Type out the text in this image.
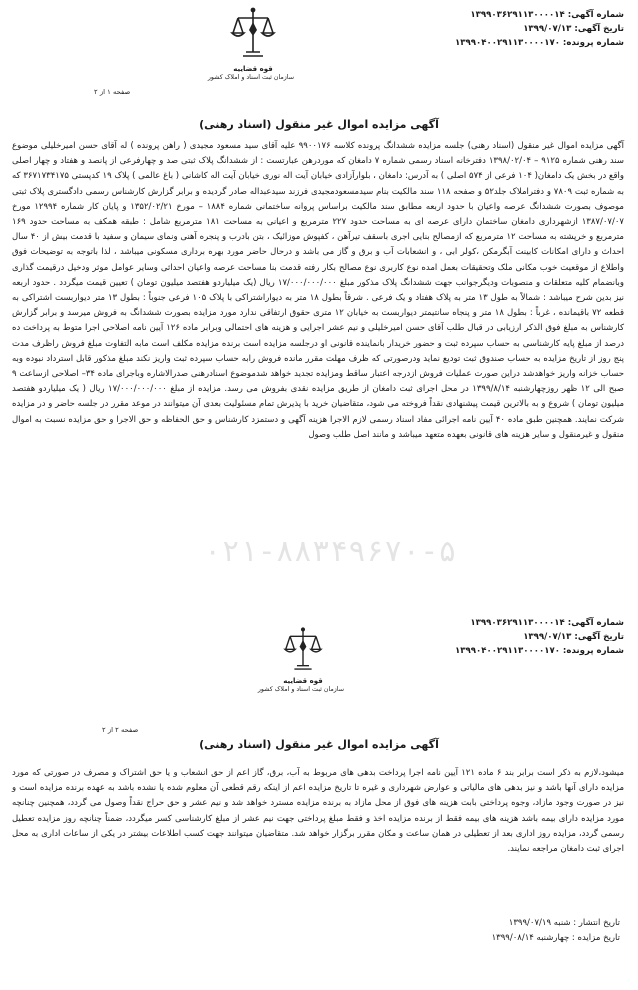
شماره آگهی: ۱۳۹۹۰۳۶۲۹۱۱۳۰۰۰۰۱۴
تاریخ آگهی: ۱۳۹۹/۰۷/۱۳
شماره پرونده: ۱۳۹۹۰۴۰۰۲۹۱۱۳۰۰۰۰۱۷۰
قوه قضاییه
سازمان ثبت اسناد و املاک کشور
صفحه ۱ از ۲
آگهی مزایده اموال غیر منقول (اسناد رهنی)

آگهی مزایده اموال غیر منقول (اسناد رهنی) جلسه مزایده ششدانگ پرونده کلاسه ۹۹۰۰۱۷۶ علیه آقای سید مسعود مجیدی ( راهن پرونده ) له آقای حسن امیرخلیلی موضوع سند رهنی شماره ۹۱۲۵ – ۱۳۹۸/۰۲/۰۴ دفترخانه اسناد رسمی شماره ۷ دامغان که موردرهن عبارتست : از ششدانگ پلاک ثبتی صد و چهارفرعی از پانصد و هفتاد و چهار اصلی واقع در بخش یک دامغان( ۱۰۴ فرعی از ۵۷۴ اصلی ) به آدرس: دامغان ، بلوارآزادی خیابان آیت اله نوری خیابان آیت اله کاشانی ( باغ عالمی ) پلاک ۱۹ کدپستی ۳۶۷۱۷۳۴۱۷۵ که به شماره ثبت ۷۸۰۹ و دفتراملاک جلد۵۲ و صفحه ۱۱۸ سند مالکیت بنام سیدمسعودمجیدی فرزند سیدعبداله صادر گردیده و برابر گزارش کارشناس رسمی دادگستری پلاک ثبتی موصوف بصورت ششدانگ عرصه واعیان با حدود اربعه مطابق سند مالکیت براساس پروانه ساختمانی شماره ۱۸۸۴ – مورخ ۱۳۵۲/۰۲/۲۱ و پایان کار شماره ۱۲۹۹۴ مورخ ۱۳۸۷/۰۷/۰۷ ازشهرداری دامغان ساختمان دارای عرصه ای به مساحت حدود ۲۲۷ مترمربع و اعیانی به مساحت ۱۸۱ مترمربع شامل : طبقه همکف به مساحت حدود ۱۶۹ مترمربع و خرپشته به مساحت ۱۲ مترمربع که ازمصالح بنایی اجری باسقف تیرآهن ، کفپوش موزائیک ، بتن بادرب و پنجره آهنی ونمای سیمان و سفید با قدمت بیش از ۴۰ سال احداث و دارای امکانات کابینت آبگرمکن ،کولر ابی ، و انشعابات آب و برق و گاز می باشد و درحال حاضر مورد بهره برداری مسکونی میباشد ، لذا باتوجه به توضیحات فوق واطلاع از موقعیت خوب مکانی ملک وتحقیقات بعمل امده نوع کاربری نوع مصالح بکار رفته قدمت بنا مساحت عرصه واعیان احداثی وسایر عوامل موثر ودخیل درقیمت گذاری وبانضمام کلیه متعلقات و منصوبات ودیگرجوانب جهت ششدانگ پلاک مذکور مبلغ ۱۷/۰۰۰/۰۰۰/۰۰۰ ریال (یک میلیاردو هفتصد میلیون تومان ) تعیین قیمت میگردد . حدود اربعه نیز بدین شرح میباشد : شمالاً به طول ۱۳ متر به پلاک هفتاد و یک فرعی . شرقاً بطول ۱۸ متر به دیواراشتراکی با پلاک ۱۰۵ فرعی جنوباً : بطول ۱۳ متر دیواربست اشتراکی به قطعه ۷۲ باقیمانده ، غرباً : بطول ۱۸ متر و پنجاه سانتیمتر دیواربست به خیابان ۱۲ متری حقوق ارتفاقی ندارد مورد مزایده بصورت ششدانگ به فروش میرسد و برابر گزارش کارشناس به مبلغ فوق الذکر ارزیابی در قبال طلب آقای حسن امیرخلیلی و نیم عشر اجرایی و هزینه های احتمالی وبرابر ماده ۱۲۶ آیین نامه اصلاحی اجرا متوط به پرداخت ده درصد از مبلغ پایه کارشناسی به حساب سپرده ثبت و حضور خریدار بانمایندە قانونی او درجلسه مزایده است برنده مزایده مکلف است مابه التفاوت مبلغ فروش راظرف مدت پنج روز از تاریخ مزایده به حساب صندوق ثبت توديع نمايد ودرصورتی که ظرف مهلت مقرر مانده فروش رابه حساب سپرده ثبت واریز نکند مبلغ مذکور قابل استرداد نبوده وبه حساب خزانه واریز خواهدشد دراین صورت عملیات فروش ازدرجه اعتبار ساقط ومزایده تجدید خواهد شدموضوع اسنادرهنی صدرالاشاره وباجرای ماده ۳۴– اصلاحی ازساعت ۹ صبح الی ۱۲ ظهر روزچهارشنبه ۱۳۹۹/۸/۱۴ در محل اجرای ثبت دامغان از طریق مزایده نقدی بفروش می رسد. مزایده از مبلغ ۱۷/۰۰۰/۰۰۰/۰۰۰ ریال ( یک میلیاردو هفتصد میلیون تومان ) شروع و به بالاترین قیمت پیشنهادی نقداً فروخته می شود، متقاضیان خرید با پذیرش تمام مسئولیت بعدی آن میتوانند در موعد مقرر در جلسه حاضر و در مزایده شرکت نمایند. همچنین طبق ماده ۴۰ آیین نامه اجرائی مفاد اسناد رسمی لازم الاجرا هزینه آگهی و دستمزد کارشناس و حق الحفاظه و حق الاجرا و حق مزایده نسبت به اموال منقول و غیرمنقول و سایر هزینه های قانونی بعهده متعهد میباشد و مانند اصل طلب وصول

۰۲۱-۸۸۳۴۹۶۷۰-۵
شماره آگهی: ۱۳۹۹۰۳۶۲۹۱۱۳۰۰۰۰۱۴
تاریخ آگهی: ۱۳۹۹/۰۷/۱۳
شماره پرونده: ۱۳۹۹۰۴۰۰۲۹۱۱۳۰۰۰۰۱۷۰
قوه قضاییه
سازمان ثبت اسناد و املاک کشور
صفحه ۲ از ۲
آگهی مزایده اموال غیر منقول (اسناد رهنی)

میشود،لازم به ذکر است برابر بند ۶ ماده ۱۲۱ آیین نامه اجرا پرداخت بدهی های مربوط به آب، برق، گاز اعم از حق انشعاب و یا حق اشتراک و مصرف در صورتی که مورد مزایده دارای آنها باشد و نیز بدهی های مالیاتی و عوارض شهرداری و غیره تا تاریخ مزایده اعم از اینکه رقم قطعی آن معلوم شده یا نشده باشد به عهده برنده مزایده است و نیز در صورت وجود مازاد، وجوه پرداختی بابت هزینه های فوق از محل مازاد به برنده مزایده مسترد خواهد شد و نیم عشر و حق حراج نقداً وصول می گردد، همچنین چنانچه مورد مزایده دارای بیمه باشد هزینه های بیمه فقط از برنده مزایده اخذ و فقط مبلغ پرداختی جهت نیم عشر از مبلغ کارشناسی کسر میگردد، ضمناً چنانچه روز مزایده تعطیل رسمی گردد، مزایده روز اداری بعد از تعطیلی در همان ساعت و مکان مقرر برگزار خواهد شد. متقاضیان میتوانند جهت کسب اطلاعات بیشتر در یکی از ساعات اداری به محل اجرای ثبت دامغان مراجعه نمایند.

تاریخ انتشار : شنبه ۱۳۹۹/۰۷/۱۹
تاریخ مزایده : چهارشنبه ۱۳۹۹/۰۸/۱۴
